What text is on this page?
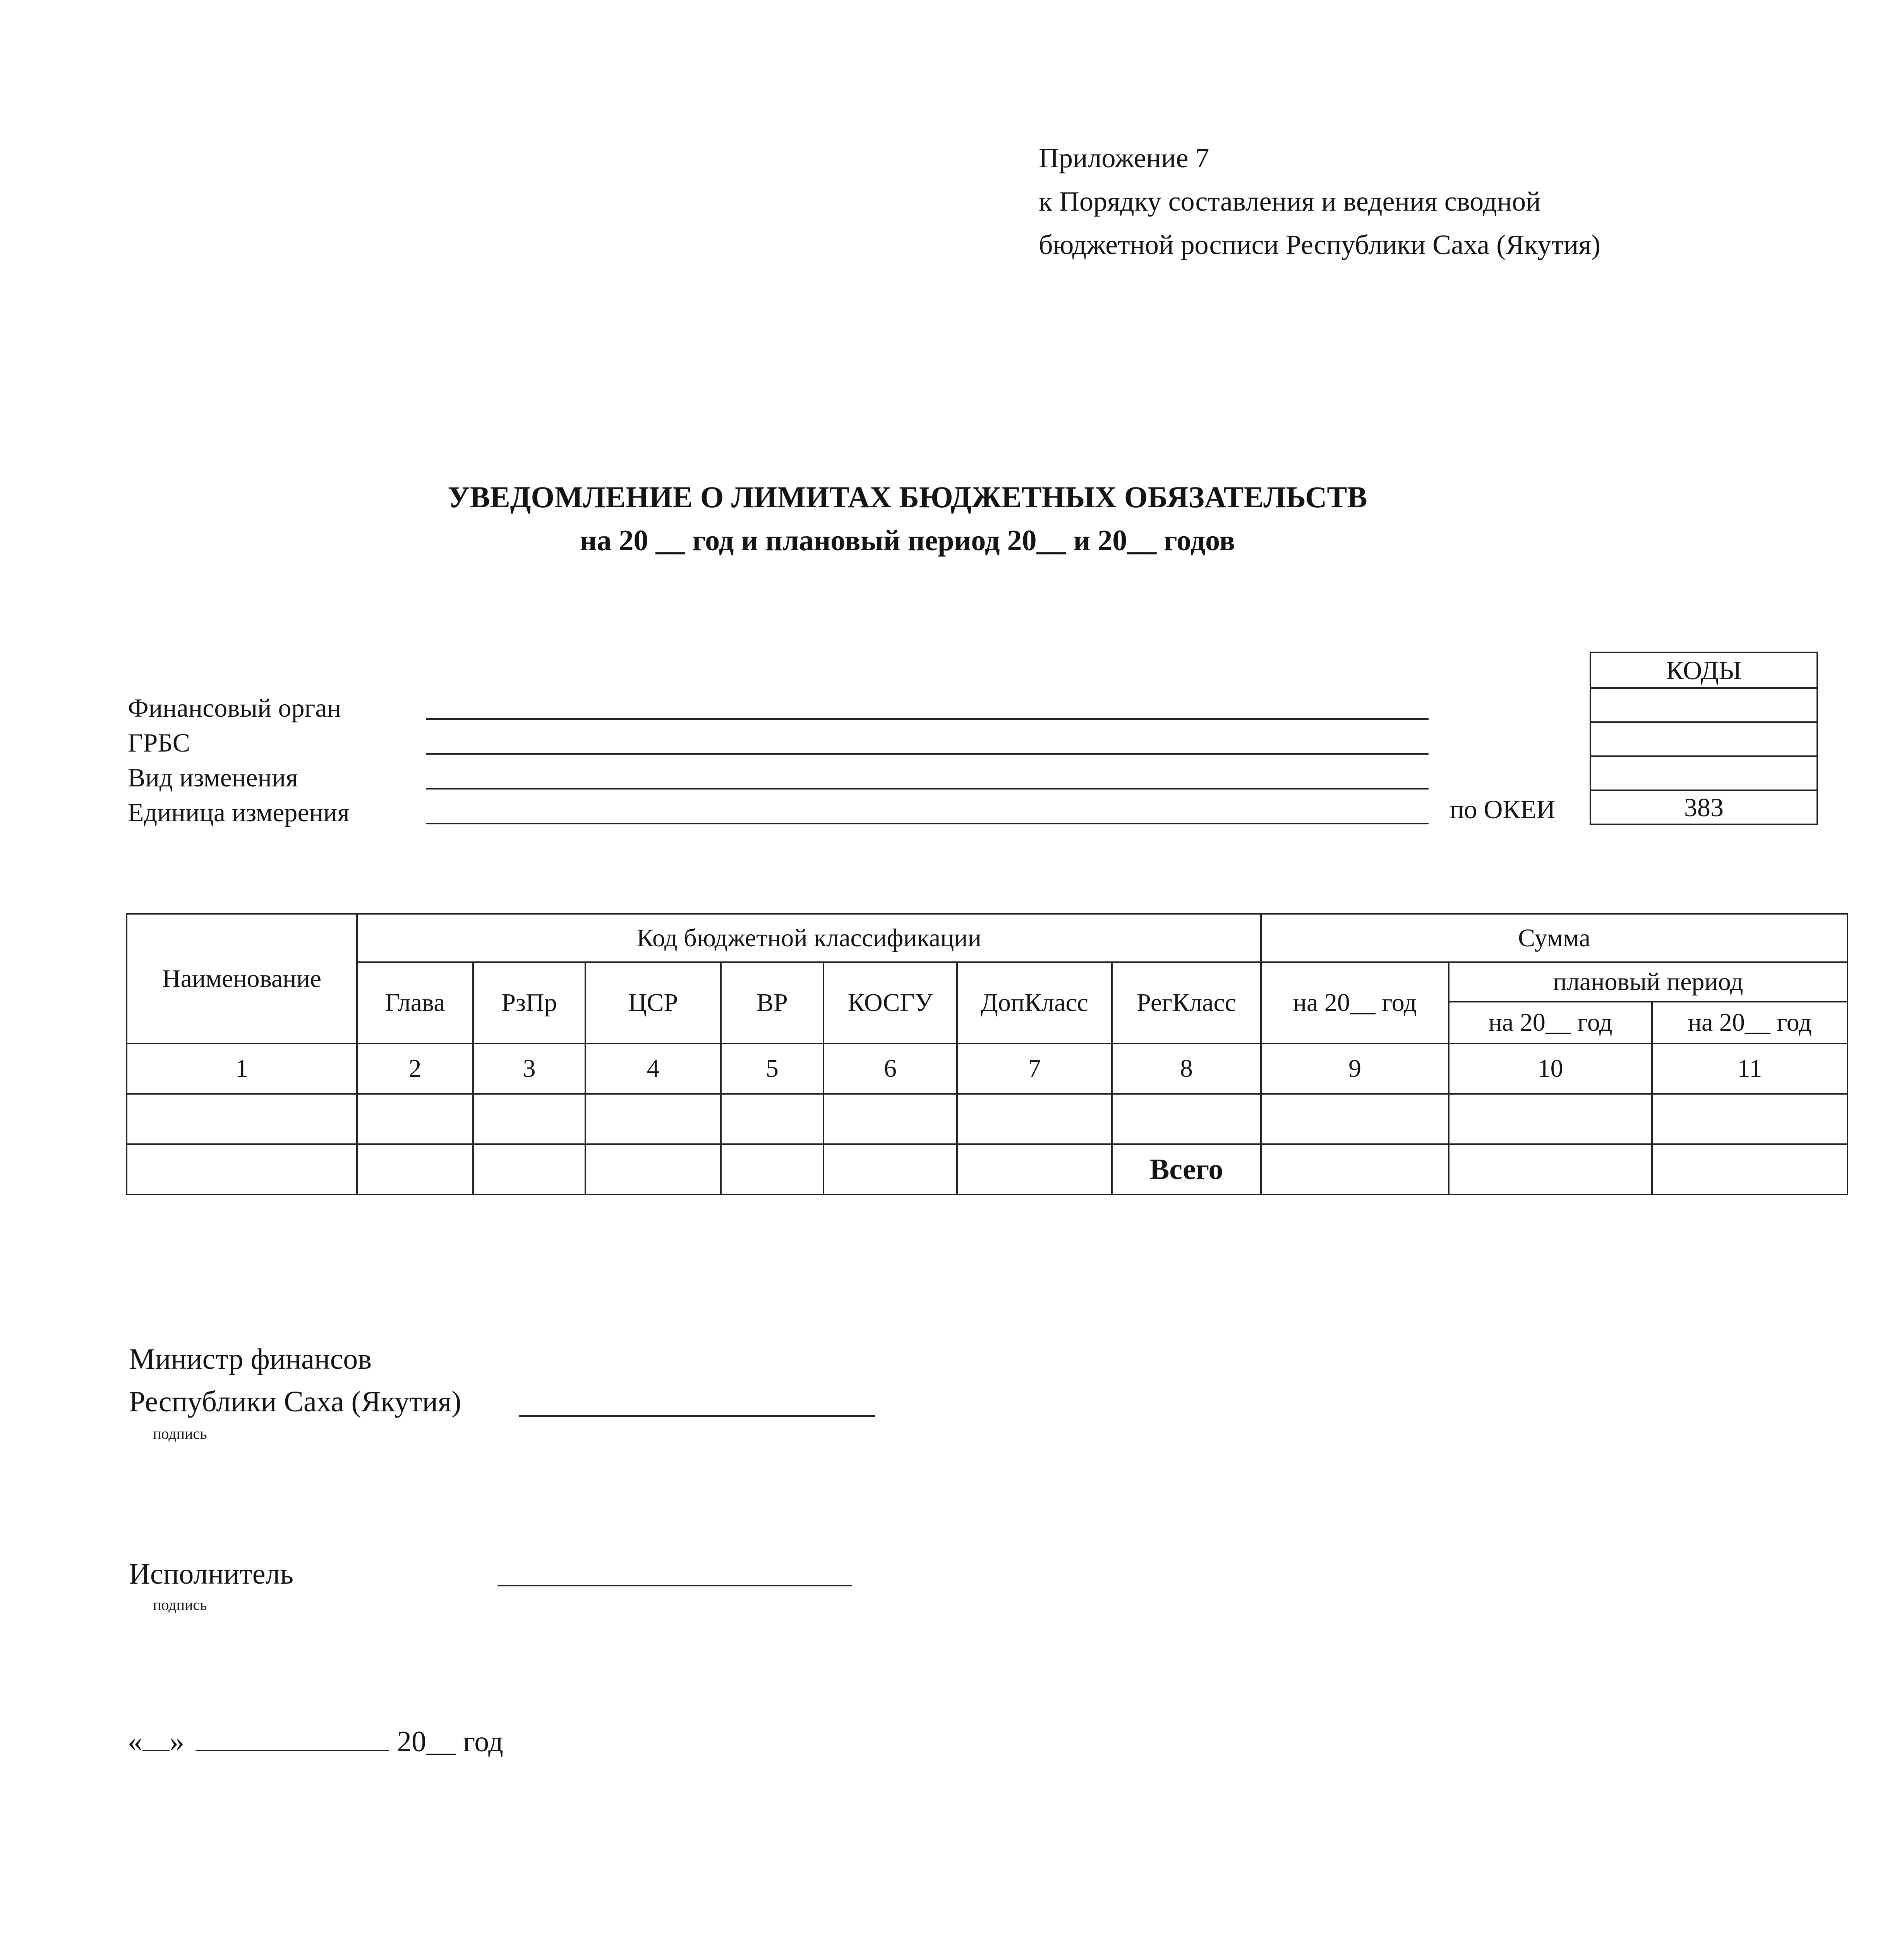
Приложение 7
к Порядку составления и ведения сводной
бюджетной росписи Республики Саха (Якутия)
УВЕДОМЛЕНИЕ О ЛИМИТАХ БЮДЖЕТНЫХ ОБЯЗАТЕЛЬСТВ
на 20 __ год и плановый период 20__ и 20__ годов
Финансовый орган
ГРБС
Вид изменения
Единица измерения	по ОКЕИ
КОДЫ

383
Наименование	Код бюджетной классификации							Сумма		
	Глава	РзПр	ЦСР	ВР	КОСГУ	ДопКласс	РегКласс	на 20__ год	плановый период	
									на 20__ год	на 20__ год
1	2	3	4	5	6	7	8	9	10	11

							Всего			
Министр финансов
Республики Саха (Якутия)
подпись
Исполнитель
подпись
« »	20__ год
